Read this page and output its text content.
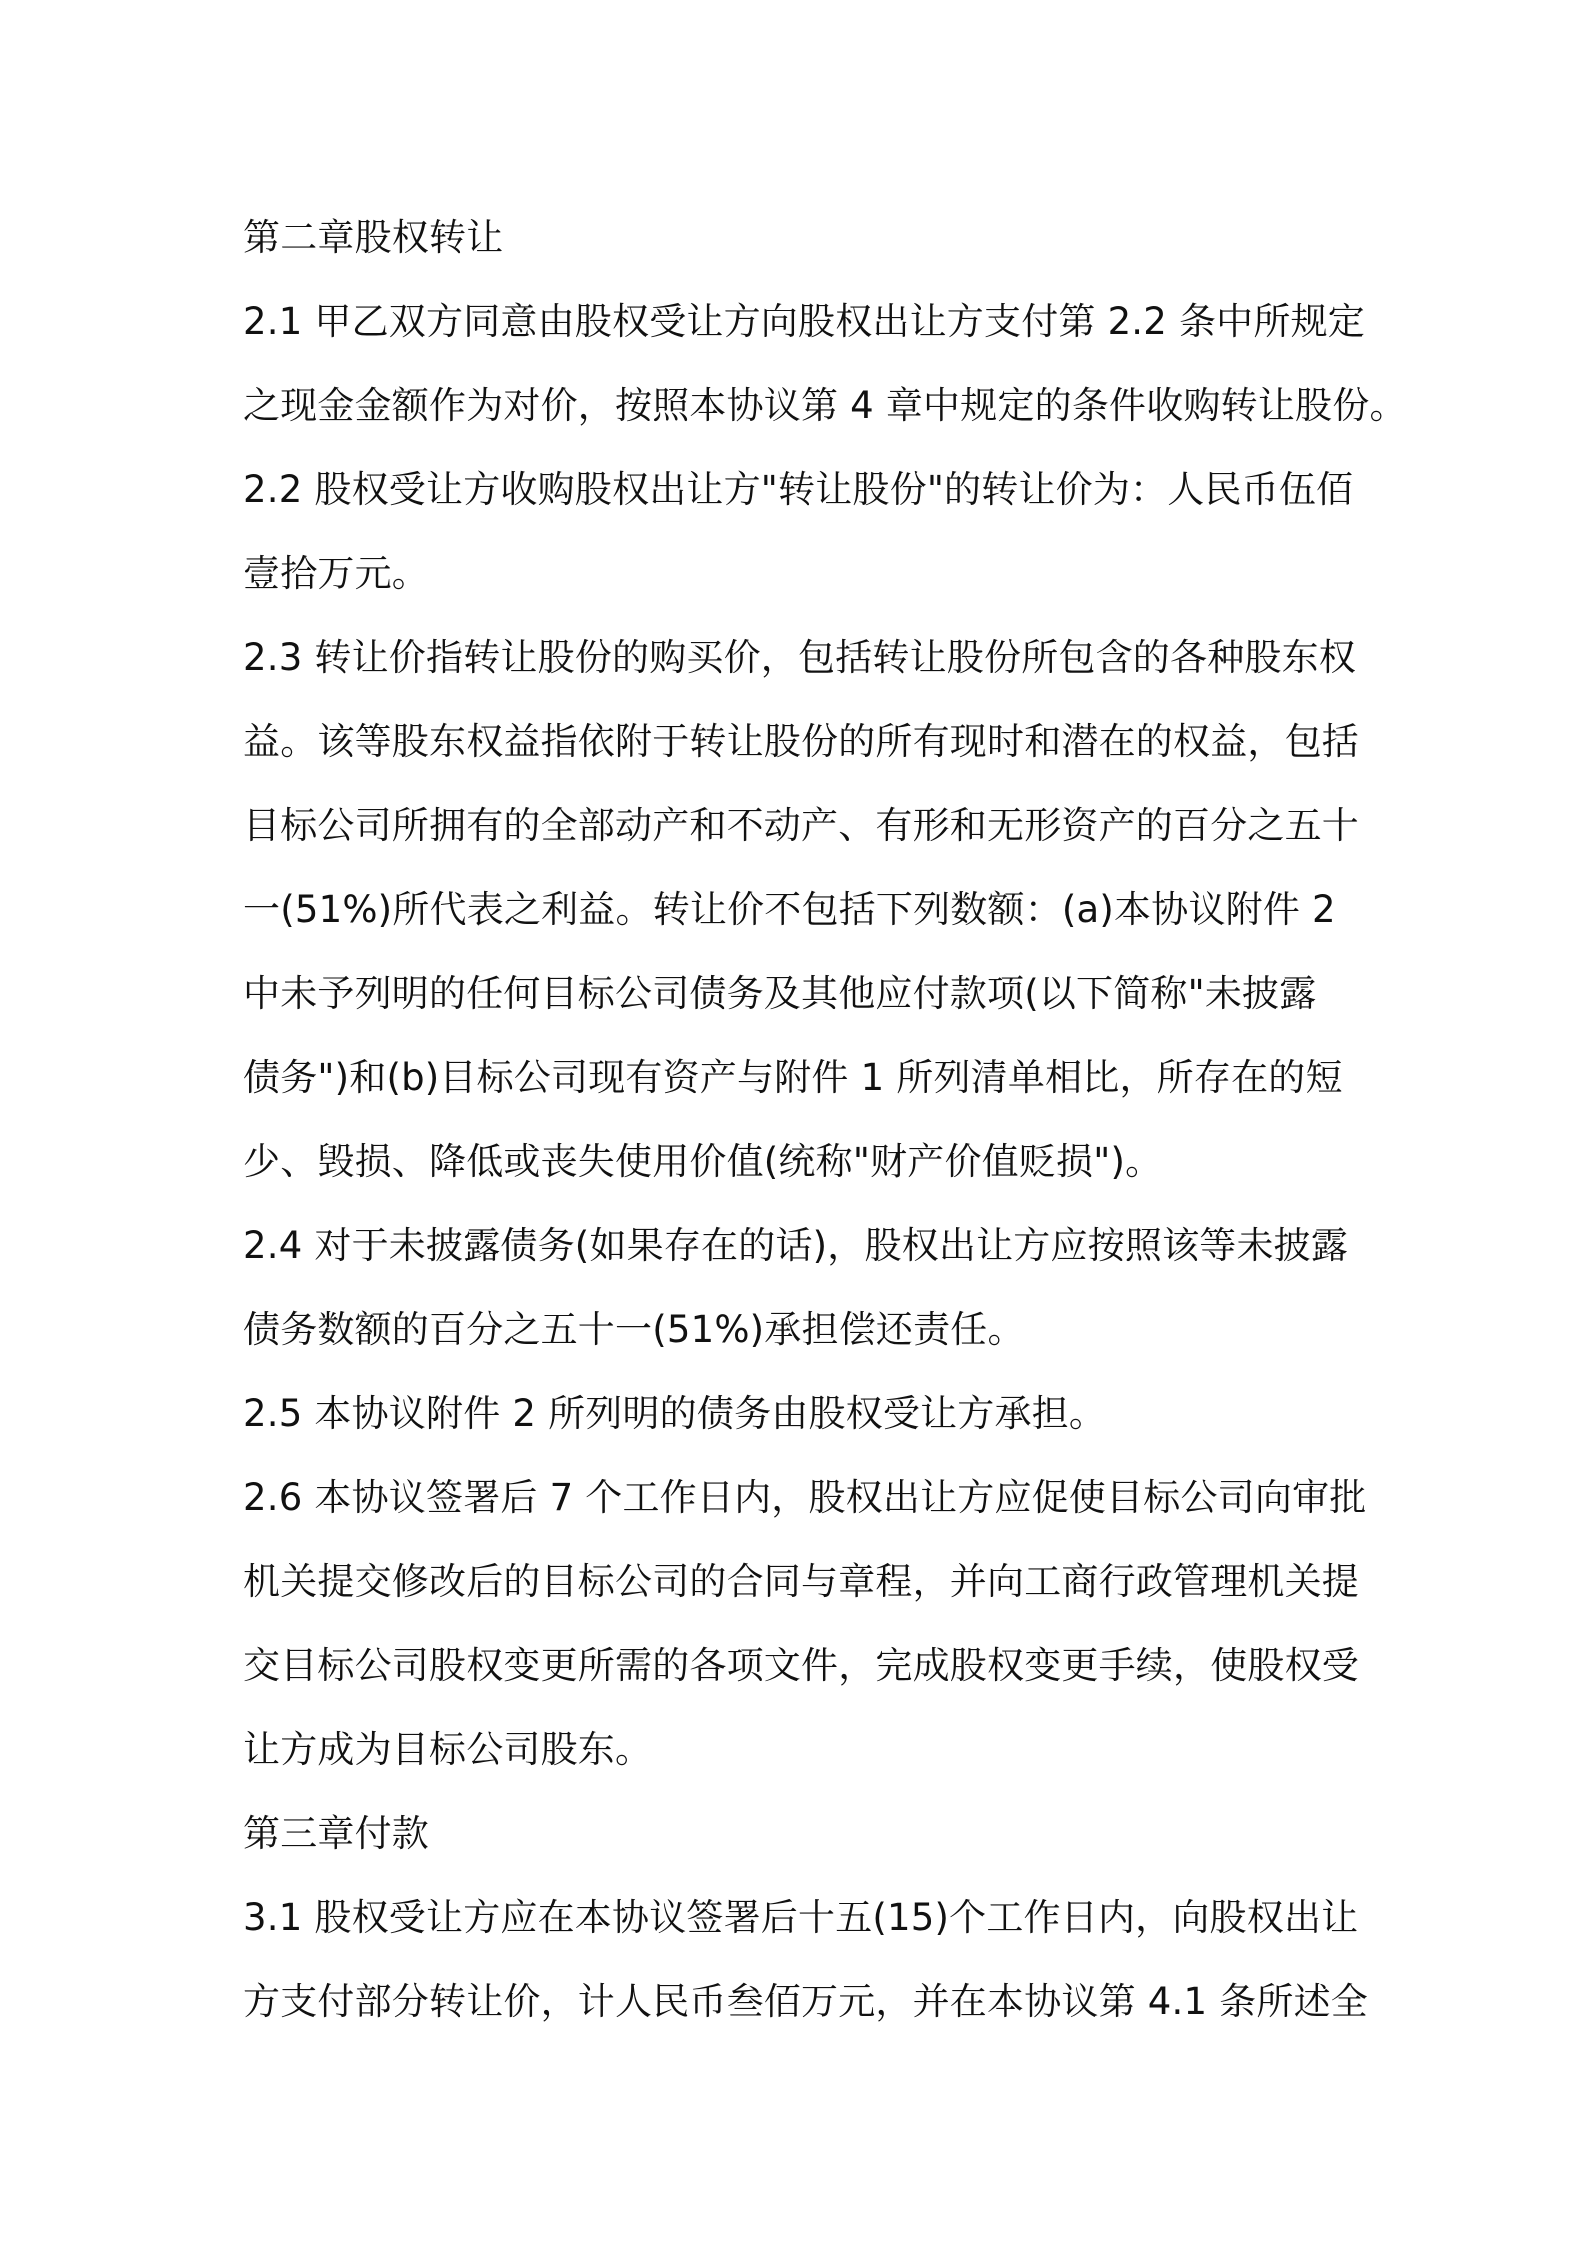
第二章股权转让
2.1 甲乙双方同意由股权受让方向股权出让方支付第 2.2 条中所规定
之现金金额作为对价，按照本协议第 4 章中规定的条件收购转让股份。
2.2 股权受让方收购股权出让方"转让股份"的转让价为：人民币伍佰
壹拾万元。
2.3 转让价指转让股份的购买价，包括转让股份所包含的各种股东权
益。该等股东权益指依附于转让股份的所有现时和潜在的权益，包括
目标公司所拥有的全部动产和不动产、有形和无形资产的百分之五十
一(51%)所代表之利益。转让价不包括下列数额：(a)本协议附件 2
中未予列明的任何目标公司债务及其他应付款项(以下简称"未披露
债务")和(b)目标公司现有资产与附件 1 所列清单相比，所存在的短
少、毁损、降低或丧失使用价值(统称"财产价值贬损")。
2.4 对于未披露债务(如果存在的话)，股权出让方应按照该等未披露
债务数额的百分之五十一(51%)承担偿还责任。
2.5 本协议附件 2 所列明的债务由股权受让方承担。
2.6 本协议签署后 7 个工作日内，股权出让方应促使目标公司向审批
机关提交修改后的目标公司的合同与章程，并向工商行政管理机关提
交目标公司股权变更所需的各项文件，完成股权变更手续，使股权受
让方成为目标公司股东。
第三章付款
3.1 股权受让方应在本协议签署后十五(15)个工作日内，向股权出让
方支付部分转让价，计人民币叁佰万元，并在本协议第 4.1 条所述全
